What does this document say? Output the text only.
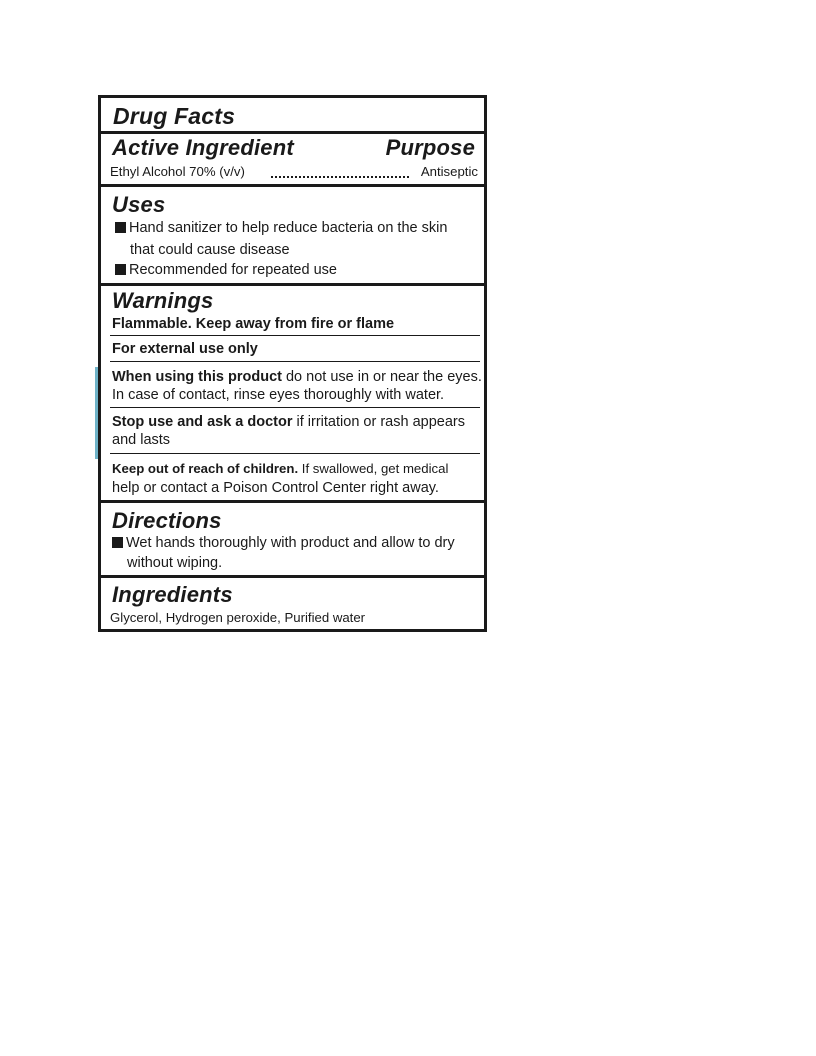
Drug Facts
Active Ingredient	Purpose
Ethyl Alcohol 70% (v/v)	Antiseptic
Uses
Hand sanitizer to help reduce bacteria on the skin
that could cause disease
Recommended for repeated use
Warnings
Flammable. Keep away from fire or flame
For external use only
When using this product do not use in or near the eyes.
In case of contact, rinse eyes thoroughly with water.
Stop use and ask a doctor if irritation or rash appears
and lasts
Keep out of reach of children. If swallowed, get medical
help or contact a Poison Control Center right away.
Directions
Wet hands thoroughly with product and allow to dry
without wiping.
Ingredients
Glycerol, Hydrogen peroxide, Purified water
